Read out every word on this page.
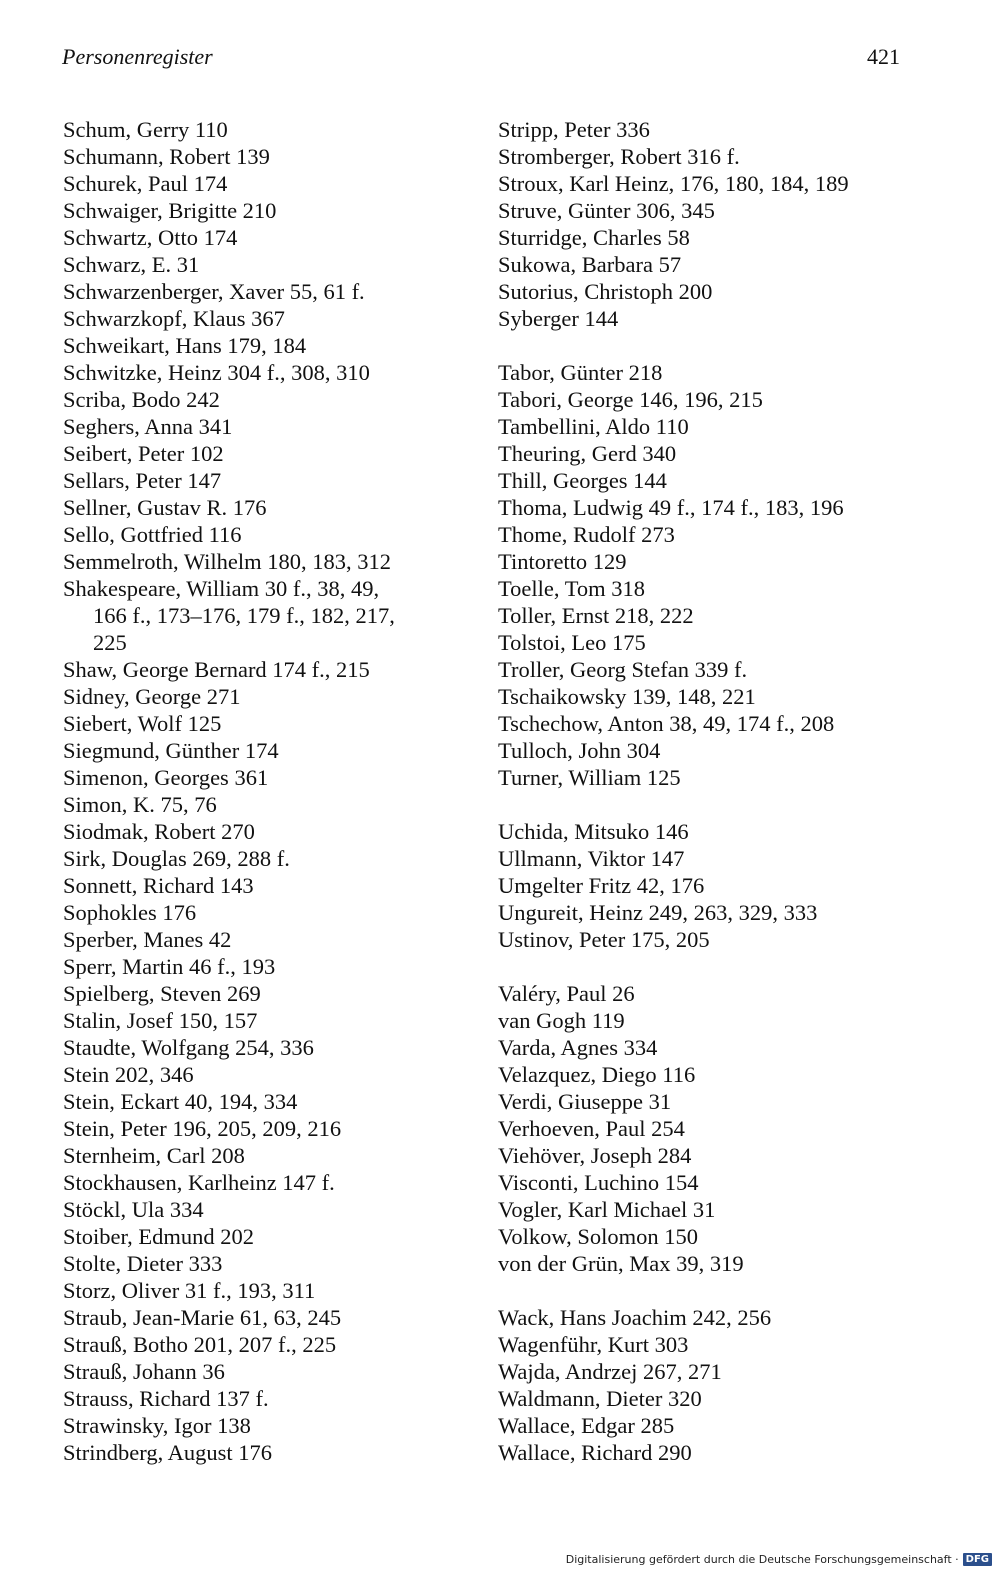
Personenregister	421
Schum, Gerry 110
Schumann, Robert 139
Schurek, Paul 174
Schwaiger, Brigitte 210
Schwartz, Otto 174
Schwarz, E. 31
Schwarzenberger, Xaver 55, 61 f.
Schwarzkopf, Klaus 367
Schweikart, Hans 179, 184
Schwitzke, Heinz 304 f., 308, 310
Scriba, Bodo 242
Seghers, Anna 341
Seibert, Peter 102
Sellars, Peter 147
Sellner, Gustav R. 176
Sello, Gottfried 116
Semmelroth, Wilhelm 180, 183, 312
Shakespeare, William 30 f., 38, 49,
166 f., 173–176, 179 f., 182, 217,
225
Shaw, George Bernard 174 f., 215
Sidney, George 271
Siebert, Wolf 125
Siegmund, Günther 174
Simenon, Georges 361
Simon, K. 75, 76
Siodmak, Robert 270
Sirk, Douglas 269, 288 f.
Sonnett, Richard 143
Sophokles 176
Sperber, Manes 42
Sperr, Martin 46 f., 193
Spielberg, Steven 269
Stalin, Josef 150, 157
Staudte, Wolfgang 254, 336
Stein 202, 346
Stein, Eckart 40, 194, 334
Stein, Peter 196, 205, 209, 216
Sternheim, Carl 208
Stockhausen, Karlheinz 147 f.
Stöckl, Ula 334
Stoiber, Edmund 202
Stolte, Dieter 333
Storz, Oliver 31 f., 193, 311
Straub, Jean-Marie 61, 63, 245
Strauß, Botho 201, 207 f., 225
Strauß, Johann 36
Strauss, Richard 137 f.
Strawinsky, Igor 138
Strindberg, August 176
Stripp, Peter 336
Stromberger, Robert 316 f.
Stroux, Karl Heinz, 176, 180, 184, 189
Struve, Günter 306, 345
Sturridge, Charles 58
Sukowa, Barbara 57
Sutorius, Christoph 200
Syberger 144
Tabor, Günter 218
Tabori, George 146, 196, 215
Tambellini, Aldo 110
Theuring, Gerd 340
Thill, Georges 144
Thoma, Ludwig 49 f., 174 f., 183, 196
Thome, Rudolf 273
Tintoretto 129
Toelle, Tom 318
Toller, Ernst 218, 222
Tolstoi, Leo 175
Troller, Georg Stefan 339 f.
Tschaikowsky 139, 148, 221
Tschechow, Anton 38, 49, 174 f., 208
Tulloch, John 304
Turner, William 125
Uchida, Mitsuko 146
Ullmann, Viktor 147
Umgelter Fritz 42, 176
Ungureit, Heinz 249, 263, 329, 333
Ustinov, Peter 175, 205
Valéry, Paul 26
van Gogh 119
Varda, Agnes 334
Velazquez, Diego 116
Verdi, Giuseppe 31
Verhoeven, Paul 254
Viehöver, Joseph 284
Visconti, Luchino 154
Vogler, Karl Michael 31
Volkow, Solomon 150
von der Grün, Max 39, 319
Wack, Hans Joachim 242, 256
Wagenführ, Kurt 303
Wajda, Andrzej 267, 271
Waldmann, Dieter 320
Wallace, Edgar 285
Wallace, Richard 290
Digitalisierung gefördert durch die Deutsche Forschungsgemeinschaft · DFG
